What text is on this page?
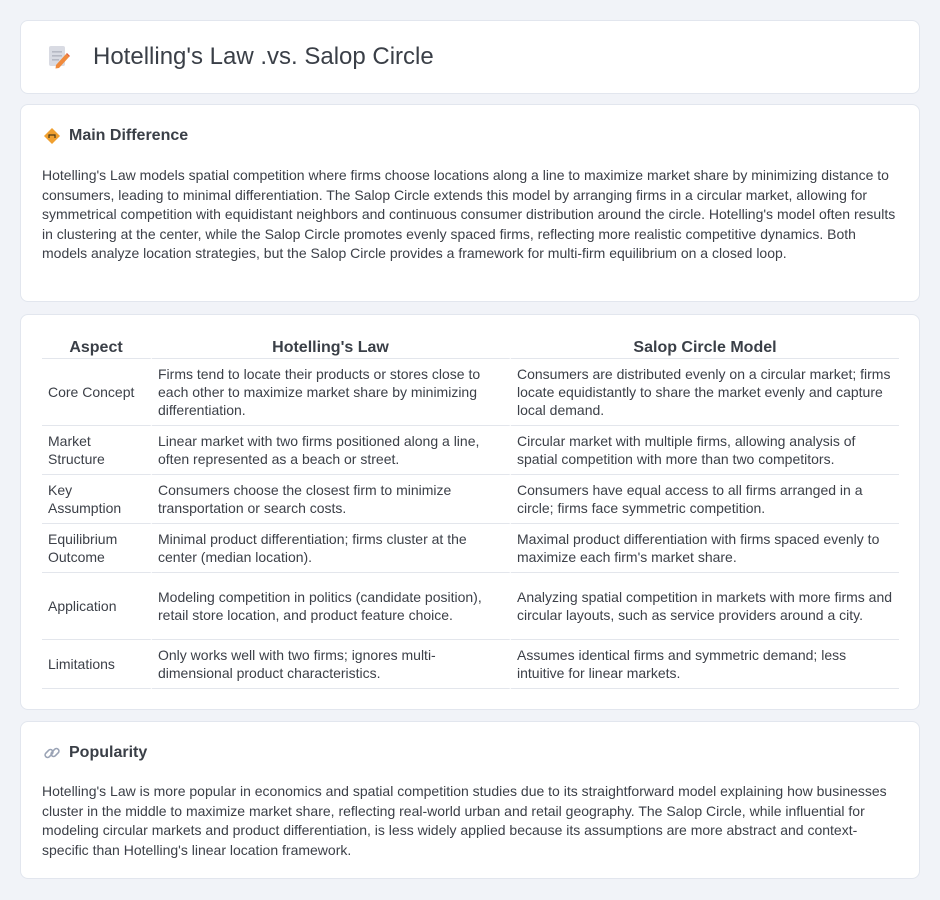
Hotelling's Law .vs. Salop Circle
Main Difference

Hotelling's Law models spatial competition where firms choose locations along a line to maximize market share by minimizing distance to consumers, leading to minimal differentiation. The Salop Circle extends this model by arranging firms in a circular market, allowing for symmetrical competition with equidistant neighbors and continuous consumer distribution around the circle. Hotelling's model often results in clustering at the center, while the Salop Circle promotes evenly spaced firms, reflecting more realistic competitive dynamics. Both models analyze location strategies, but the Salop Circle provides a framework for multi-firm equilibrium on a closed loop.

Aspect	Hotelling's Law	Salop Circle Model
Core Concept	Firms tend to locate their products or stores close to each other to maximize market share by minimizing differentiation.	Consumers are distributed evenly on a circular market; firms locate equidistantly to share the market evenly and capture local demand.
Market Structure	Linear market with two firms positioned along a line, often represented as a beach or street.	Circular market with multiple firms, allowing analysis of spatial competition with more than two competitors.
Key Assumption	Consumers choose the closest firm to minimize transportation or search costs.	Consumers have equal access to all firms arranged in a circle; firms face symmetric competition.
Equilibrium Outcome	Minimal product differentiation; firms cluster at the center (median location).	Maximal product differentiation with firms spaced evenly to maximize each firm's market share.
Application	Modeling competition in politics (candidate position), retail store location, and product feature choice.	Analyzing spatial competition in markets with more firms and circular layouts, such as service providers around a city.
Limitations	Only works well with two firms; ignores multi-dimensional product characteristics.	Assumes identical firms and symmetric demand; less intuitive for linear markets.
Popularity

Hotelling's Law is more popular in economics and spatial competition studies due to its straightforward model explaining how businesses cluster in the middle to maximize market share, reflecting real-world urban and retail geography. The Salop Circle, while influential for modeling circular markets and product differentiation, is less widely applied because its assumptions are more abstract and context-specific than Hotelling's linear location framework.
